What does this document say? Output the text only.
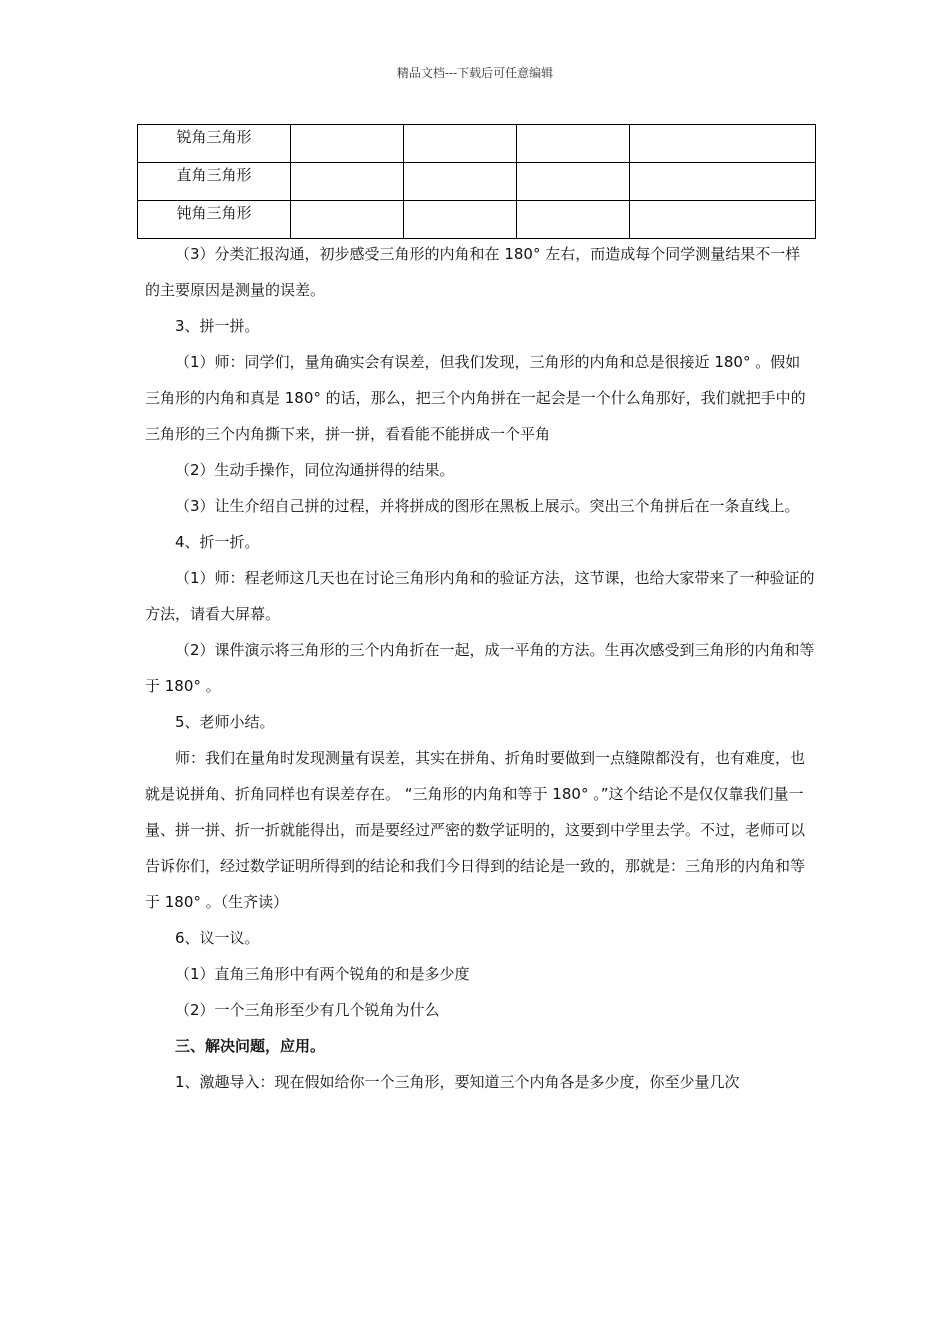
精品文档---下载后可任意编辑
锐角三角形				
直角三角形				
钝角三角形				

（3）分类汇报沟通，初步感受三角形的内角和在 180° 左右，而造成每个同学测量结果不一样的主要原因是测量的误差。

3、拼一拼。

（1）师：同学们，量角确实会有误差，但我们发现，三角形的内角和总是很接近 180° 。假如三角形的内角和真是 180° 的话，那么，把三个内角拼在一起会是一个什么角那好，我们就把手中的三角形的三个内角撕下来，拼一拼，看看能不能拼成一个平角

（2）生动手操作，同位沟通拼得的结果。

（3）让生介绍自己拼的过程，并将拼成的图形在黑板上展示。突出三个角拼后在一条直线上。

4、折一折。

（1）师：程老师这几天也在讨论三角形内角和的验证方法，这节课，也给大家带来了一种验证的方法，请看大屏幕。

（2）课件演示将三角形的三个内角折在一起，成一平角的方法。生再次感受到三角形的内角和等于 180° 。

5、老师小结。

师：我们在量角时发现测量有误差，其实在拼角、折角时要做到一点缝隙都没有，也有难度，也就是说拼角、折角同样也有误差存在。 “三角形的内角和等于 180° 。”这个结论不是仅仅靠我们量一量、拼一拼、折一折就能得出，而是要经过严密的数学证明的，这要到中学里去学。不过，老师可以告诉你们，经过数学证明所得到的结论和我们今日得到的结论是一致的，那就是：三角形的内角和等于 180° 。（生齐读）

6、议一议。

（1）直角三角形中有两个锐角的和是多少度

（2）一个三角形至少有几个锐角为什么

三、解决问题，应用。

1、激趣导入：现在假如给你一个三角形，要知道三个内角各是多少度，你至少量几次
